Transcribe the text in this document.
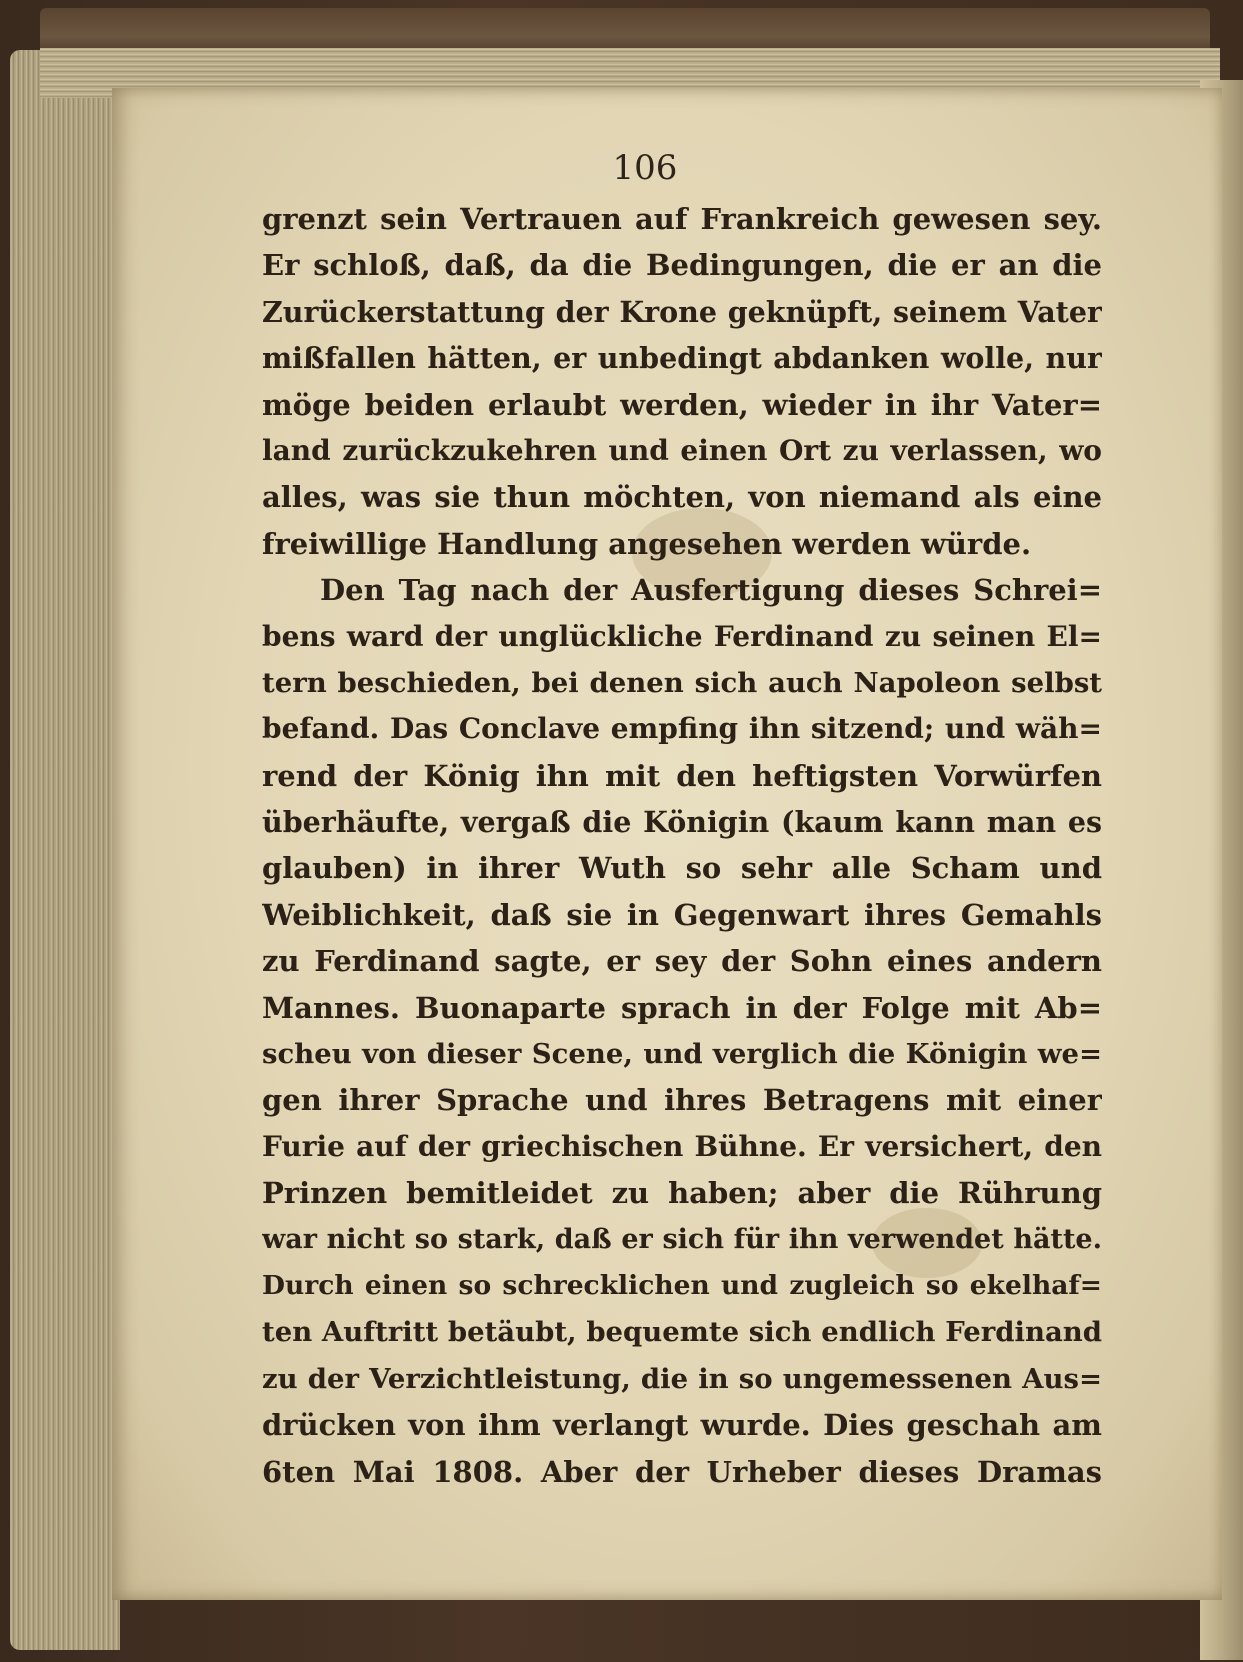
106
grenzt sein Vertrauen auf Frankreich gewesen sey.
Er schloß, daß, da die Bedingungen, die er an die
Zurückerstattung der Krone geknüpft, seinem Vater
mißfallen hätten, er unbedingt abdanken wolle, nur
möge beiden erlaubt werden, wieder in ihr Vater=
land zurückzukehren und einen Ort zu verlassen, wo
alles, was sie thun möchten, von niemand als eine
freiwillige Handlung angesehen werden würde.
Den Tag nach der Ausfertigung dieses Schrei=
bens ward der unglückliche Ferdinand zu seinen El=
tern beschieden, bei denen sich auch Napoleon selbst
befand. Das Conclave empfing ihn sitzend; und wäh=
rend der König ihn mit den heftigsten Vorwürfen
überhäufte, vergaß die Königin (kaum kann man es
glauben) in ihrer Wuth so sehr alle Scham und
Weiblichkeit, daß sie in Gegenwart ihres Gemahls
zu Ferdinand sagte, er sey der Sohn eines andern
Mannes. Buonaparte sprach in der Folge mit Ab=
scheu von dieser Scene, und verglich die Königin we=
gen ihrer Sprache und ihres Betragens mit einer
Furie auf der griechischen Bühne. Er versichert, den
Prinzen bemitleidet zu haben; aber die Rührung
war nicht so stark, daß er sich für ihn verwendet hätte.
Durch einen so schrecklichen und zugleich so ekelhaf=
ten Auftritt betäubt, bequemte sich endlich Ferdinand
zu der Verzichtleistung, die in so ungemessenen Aus=
drücken von ihm verlangt wurde. Dies geschah am
6ten Mai 1808. Aber der Urheber dieses Dramas
